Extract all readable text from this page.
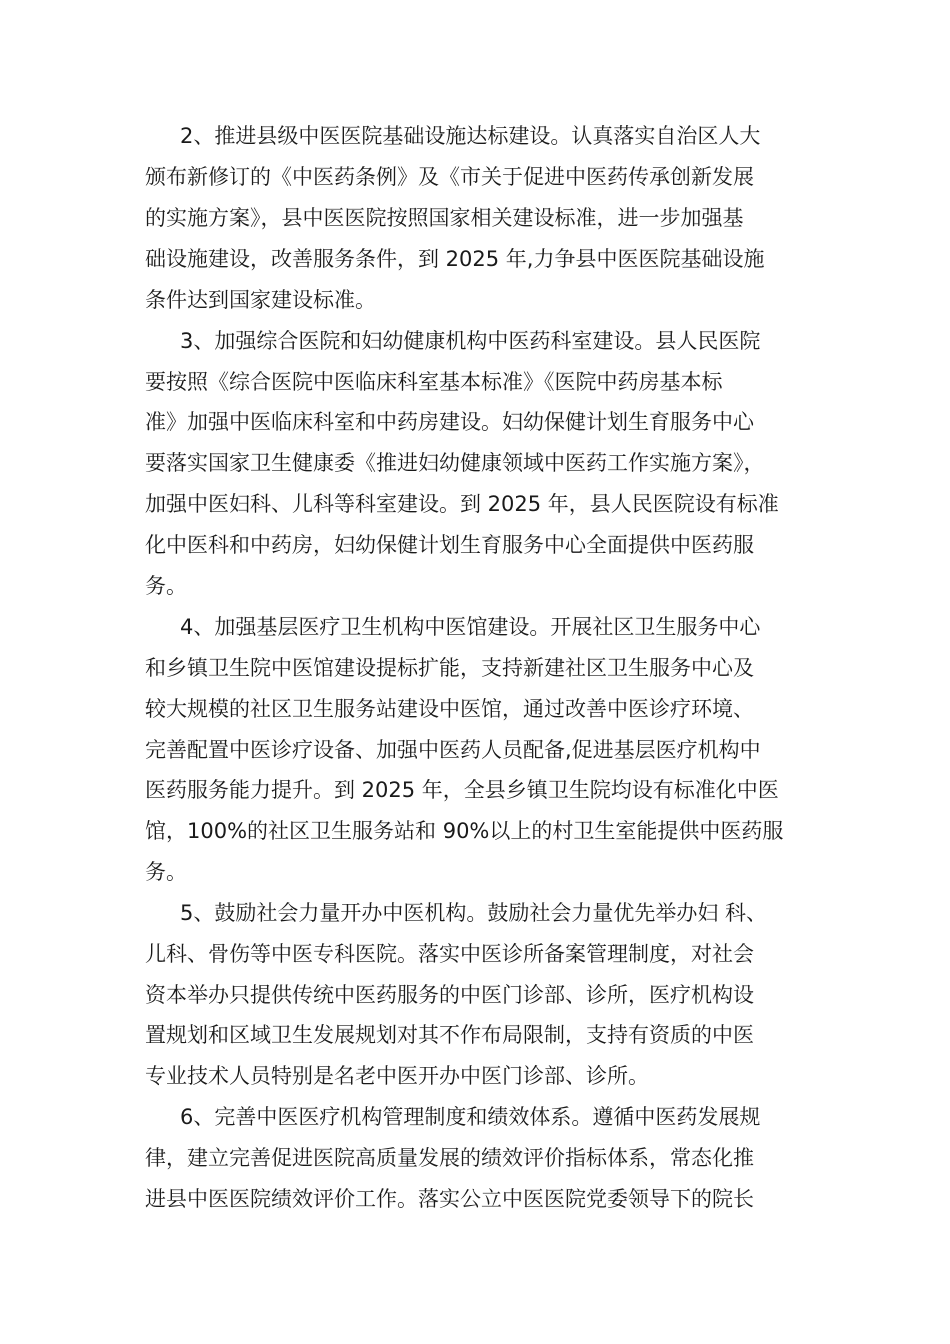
2、推进县级中医医院基础设施达标建设。认真落实自治区人大
颁布新修订的《中医药条例》及《市关于促进中医药传承创新发展
的实施方案》，县中医医院按照国家相关建设标准，进一步加强基
础设施建设，改善服务条件，到 2025 年,力争县中医医院基础设施
条件达到国家建设标准。
3、加强综合医院和妇幼健康机构中医药科室建设。县人民医院
要按照《综合医院中医临床科室基本标准》《医院中药房基本标
准》加强中医临床科室和中药房建设。妇幼保健计划生育服务中心
要落实国家卫生健康委《推进妇幼健康领域中医药工作实施方案》，
加强中医妇科、儿科等科室建设。到 2025 年，县人民医院设有标准
化中医科和中药房，妇幼保健计划生育服务中心全面提供中医药服
务。
4、加强基层医疗卫生机构中医馆建设。开展社区卫生服务中心
和乡镇卫生院中医馆建设提标扩能，支持新建社区卫生服务中心及
较大规模的社区卫生服务站建设中医馆，通过改善中医诊疗环境、
完善配置中医诊疗设备、加强中医药人员配备,促进基层医疗机构中
医药服务能力提升。到 2025 年，全县乡镇卫生院均设有标准化中医
馆，100%的社区卫生服务站和 90%以上的村卫生室能提供中医药服
务。
5、鼓励社会力量开办中医机构。鼓励社会力量优先举办妇 科、
儿科、骨伤等中医专科医院。落实中医诊所备案管理制度，对社会
资本举办只提供传统中医药服务的中医门诊部、诊所，医疗机构设
置规划和区域卫生发展规划对其不作布局限制，支持有资质的中医
专业技术人员特别是名老中医开办中医门诊部、诊所。
6、完善中医医疗机构管理制度和绩效体系。遵循中医药发展规
律，建立完善促进医院高质量发展的绩效评价指标体系，常态化推
进县中医医院绩效评价工作。落实公立中医医院党委领导下的院长
